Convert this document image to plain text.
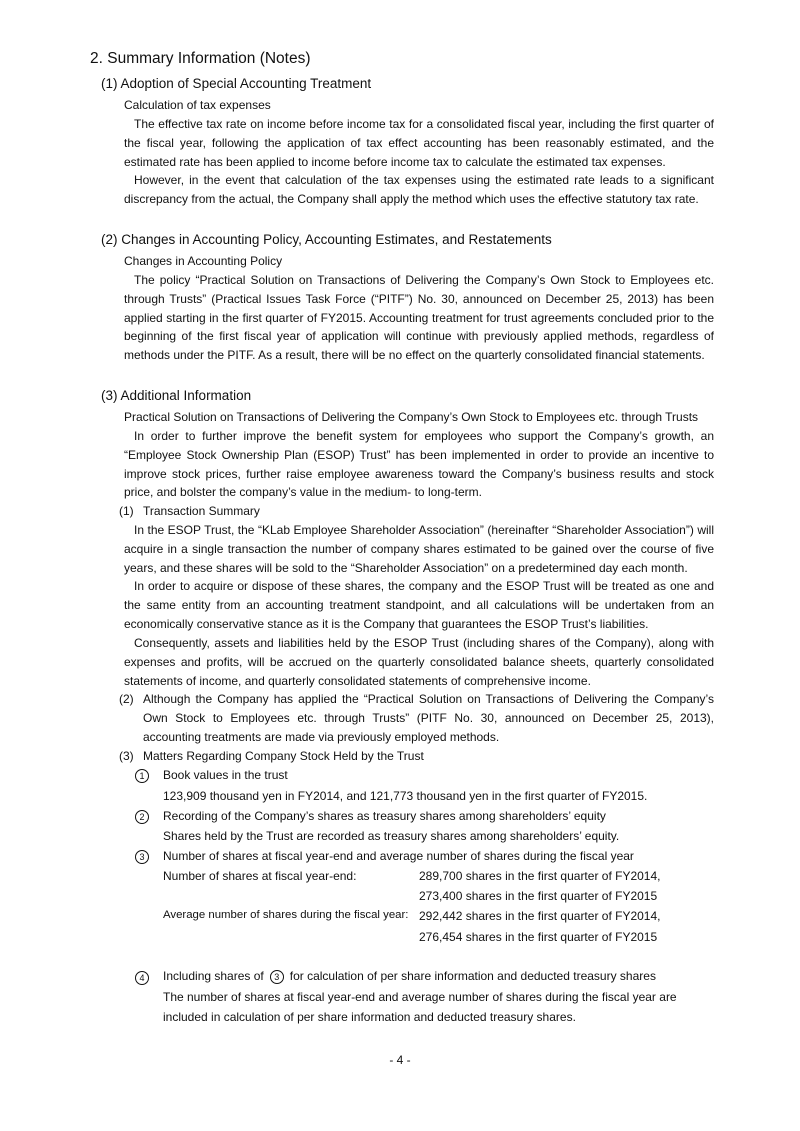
2. Summary Information (Notes)
(1) Adoption of Special Accounting Treatment
Calculation of tax expenses

The effective tax rate on income before income tax for a consolidated fiscal year, including the first quarter of the fiscal year, following the application of tax effect accounting has been reasonably estimated, and the estimated rate has been applied to income before income tax to calculate the estimated tax expenses.

However, in the event that calculation of the tax expenses using the estimated rate leads to a significant discrepancy from the actual, the Company shall apply the method which uses the effective statutory tax rate.

(2) Changes in Accounting Policy, Accounting Estimates, and Restatements
Changes in Accounting Policy

The policy “Practical Solution on Transactions of Delivering the Company’s Own Stock to Employees etc. through Trusts” (Practical Issues Task Force (“PITF”) No. 30, announced on December 25, 2013) has been applied starting in the first quarter of FY2015. Accounting treatment for trust agreements concluded prior to the beginning of the first fiscal year of application will continue with previously applied methods, regardless of methods under the PITF. As a result, there will be no effect on the quarterly consolidated financial statements.

(3) Additional Information
Practical Solution on Transactions of Delivering the Company’s Own Stock to Employees etc. through Trusts

In order to further improve the benefit system for employees who support the Company’s growth, an “Employee Stock Ownership Plan (ESOP) Trust” has been implemented in order to provide an incentive to improve stock prices, further raise employee awareness toward the Company’s business results and stock price, and bolster the company’s value in the medium- to long-term.

(1) Transaction Summary

In the ESOP Trust, the “KLab Employee Shareholder Association” (hereinafter “Shareholder Association”) will acquire in a single transaction the number of company shares estimated to be gained over the course of five years, and these shares will be sold to the “Shareholder Association” on a predetermined day each month.

In order to acquire or dispose of these shares, the company and the ESOP Trust will be treated as one and the same entity from an accounting treatment standpoint, and all calculations will be undertaken from an economically conservative stance as it is the Company that guarantees the ESOP Trust’s liabilities.

Consequently, assets and liabilities held by the ESOP Trust (including shares of the Company), along with expenses and profits, will be accrued on the quarterly consolidated balance sheets, quarterly consolidated statements of income, and quarterly consolidated statements of comprehensive income.

(2) Although the Company has applied the “Practical Solution on Transactions of Delivering the Company’s Own Stock to Employees etc. through Trusts” (PITF No. 30, announced on December 25, 2013), accounting treatments are made via previously employed methods.

(3) Matters Regarding Company Stock Held by the Trust
1	Book values in the trust
123,909 thousand yen in FY2014, and 121,773 thousand yen in the first quarter of FY2015.
2	Recording of the Company’s shares as treasury shares among shareholders’ equity
Shares held by the Trust are recorded as treasury shares among shareholders’ equity.
3	Number of shares at fiscal year-end and average number of shares during the fiscal year
Number of shares at fiscal year-end:	289,700 shares in the first quarter of FY2014,
273,400 shares in the first quarter of FY2015
Average number of shares during the fiscal year: 292,442 shares in the first quarter of FY2014,
276,454 shares in the first quarter of FY2015
4	Including shares of 3 for calculation of per share information and deducted treasury shares
The number of shares at fiscal year-end and average number of shares during the fiscal year are included in calculation of per share information and deducted treasury shares.
- 4 -
